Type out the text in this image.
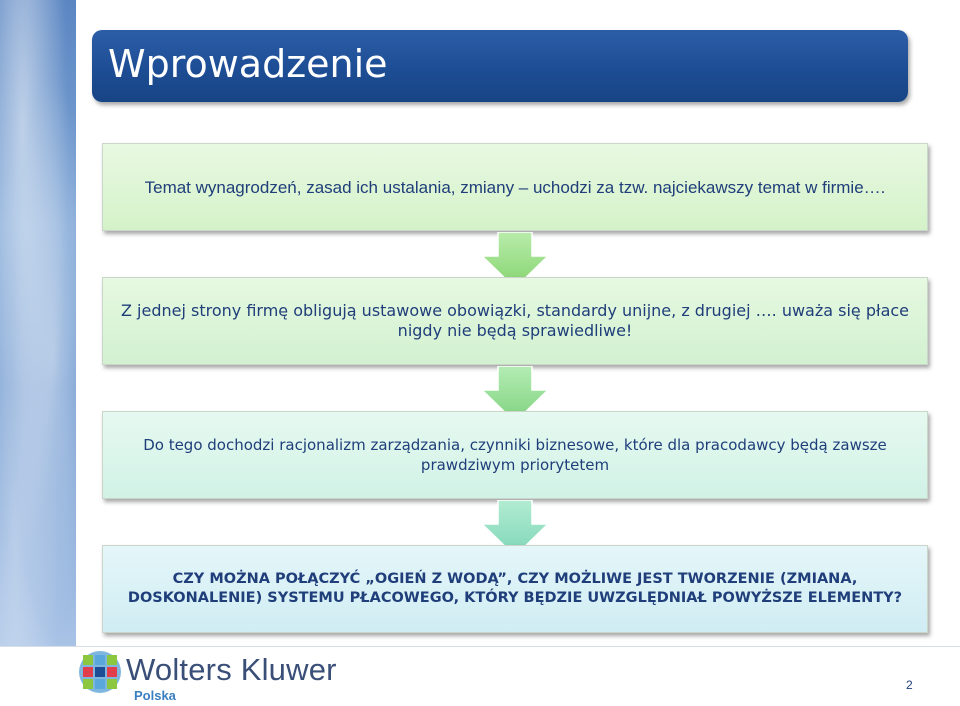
Wprowadzenie
Temat wynagrodzeń, zasad ich ustalania, zmiany – uchodzi za tzw. najciekawszy temat w firmie….
Z jednej strony firmę obligują ustawowe obowiązki, standardy unijne, z drugiej …. uważa się płace nigdy nie będą sprawiedliwe!
Do tego dochodzi racjonalizm zarządzania, czynniki biznesowe, które dla pracodawcy będą zawsze prawdziwym priorytetem
CZY MOŻNA POŁĄCZYĆ „OGIEŃ Z WODĄ”, CZY MOŻLIWE JEST TWORZENIE (ZMIANA, DOSKONALENIE) SYSTEMU PŁACOWEGO, KTÓRY BĘDZIE UWZGLĘDNIAŁ POWYŻSZE ELEMENTY?
Wolters Kluwer
Polska
2
